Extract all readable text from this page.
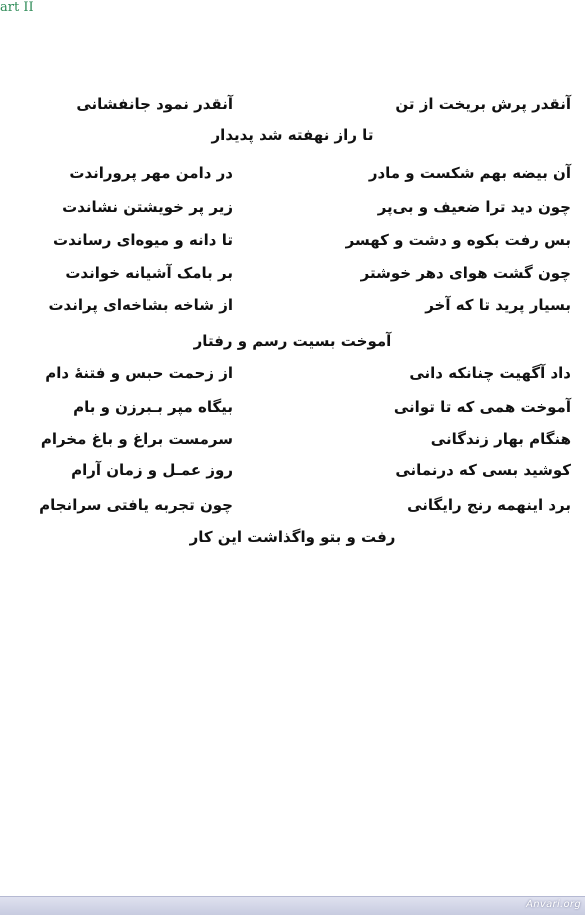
art II
آنقدر پرش بریخت از تن
آنقدر نمود جانفشانی
تا راز نهفته شد پدیدار
آن بیضه بهم شکست و مادر
در دامن مهر پروراندت
چون دید ترا ضعیف و بی‌پر
زیر پر خویشتن نشاندت
بس رفت بکوه و دشت و کهسر
تا دانه و میوه‌ای رساندت
چون گشت هوای دهر خوشتر
بر بامک آشیانه خواندت
بسیار پرید تا که آخر
از شاخه بشاخه‌ای پراندت
آموخت بسیت رسم و رفتار
داد آگهیت چنانکه دانی
از زحمت حبس و فتنهٔ دام
آموخت همی که تا توانی
بیگاه مپر بـبرزن و بام
هنگام بهار زندگانی
سرمست براغ و باغ مخرام
کوشید بسی که درنمانی
روز عمـل و زمان آرام
برد اینهمه رنج رایگانی
چون تجربه یافتی سرانجام
رفت و بتو واگذاشت این کار
Anvari.org
